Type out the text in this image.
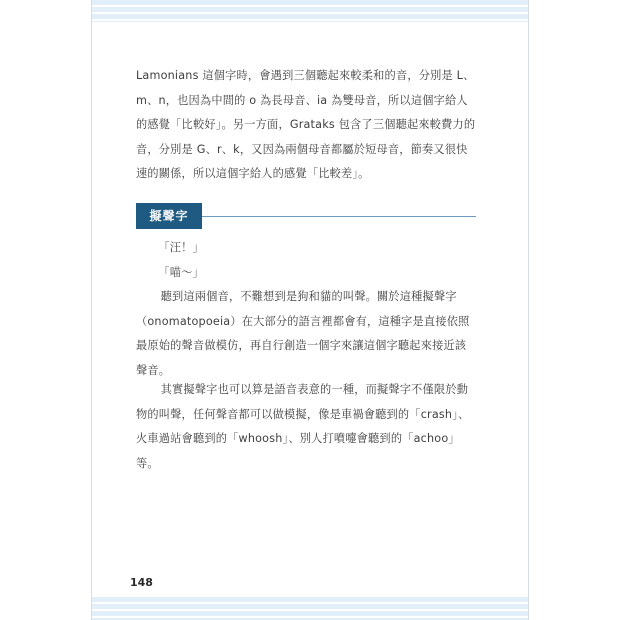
Lamonians 這個字時，會遇到三個聽起來較柔和的音，分別是 L、m、n，也因為中間的 o 為長母音、ia 為雙母音，所以這個字給人的感覺「比較好」。另一方面，Grataks 包含了三個聽起來較費力的音，分別是 G、r、k，又因為兩個母音都屬於短母音，節奏又很快速的關係，所以這個字給人的感覺「比較差」。

擬聲字

「汪！」

「喵～」

聽到這兩個音，不難想到是狗和貓的叫聲。關於這種擬聲字（onomatopoeia）在大部分的語言裡都會有，這種字是直接依照最原始的聲音做模仿，再自行創造一個字來讓這個字聽起來接近該聲音。

其實擬聲字也可以算是語音表意的一種，而擬聲字不僅限於動物的叫聲，任何聲音都可以做模擬，像是車禍會聽到的「crash」、火車過站會聽到的「whoosh」、別人打噴嚏會聽到的「achoo」等。

148
